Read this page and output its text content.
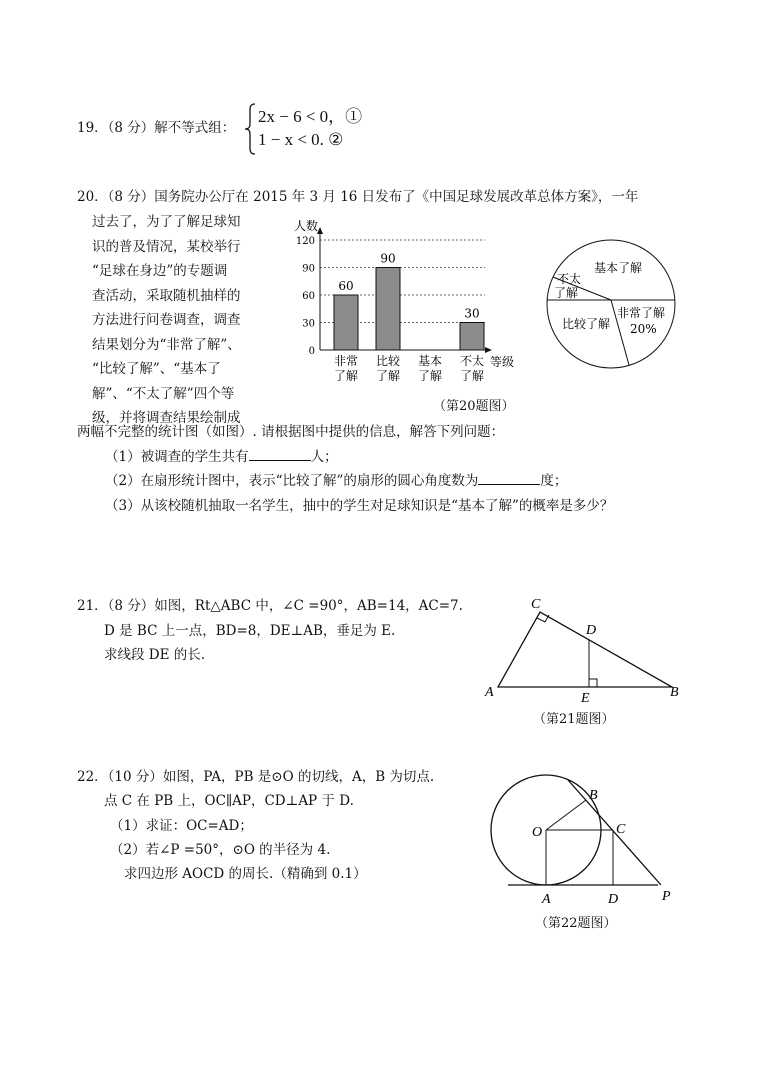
19．（8 分）解不等式组：
2x − 6 < 0，①
1 − x < 0. ②
20．（8 分）国务院办公厅在 2015 年 3 月 16 日发布了《中国足球发展改革总体方案》，一年
过去了，为了了解足球知
识的普及情况，某校举行
“足球在身边”的专题调
查活动，采取随机抽样的
方法进行问卷调查，调查
结果划分为“非常了解”、
“比较了解”、“基本了
解”、“不太了解”四个等
级，并将调查结果绘制成
人数
等级
0
30
60
90
120
60
90
30
非常
了解
比较
了解
基本
了解
不太
了解
（第20题图）
基本了解
不太
了解
比较了解
非常了解
20%
两幅不完整的统计图（如图）. 请根据图中提供的信息，解答下列问题：
（1）被调查的学生共有	人；
（2）在扇形统计图中，表示“比较了解”的扇形的圆心角度数为	度；
（3）从该校随机抽取一名学生，抽中的学生对足球知识是“基本了解”的概率是多少？
21．（8 分）如图，Rt△ABC 中，∠C =90°，AB=14，AC=7.
D 是 BC 上一点，BD=8，DE⊥AB，垂足为 E.
求线段 DE 的长.
A	B
C
D
E
（第21题图）
22．（10 分）如图，PA，PB 是⊙O 的切线，A，B 为切点.
点 C 在 PB 上，OC∥AP，CD⊥AP 于 D.
（1）求证：OC=AD；
（2）若∠P =50°，⊙O 的半径为 4.
求四边形 AOCD 的周长.（精确到 0.1）
O
A
B
C
D	P
（第22题图）
